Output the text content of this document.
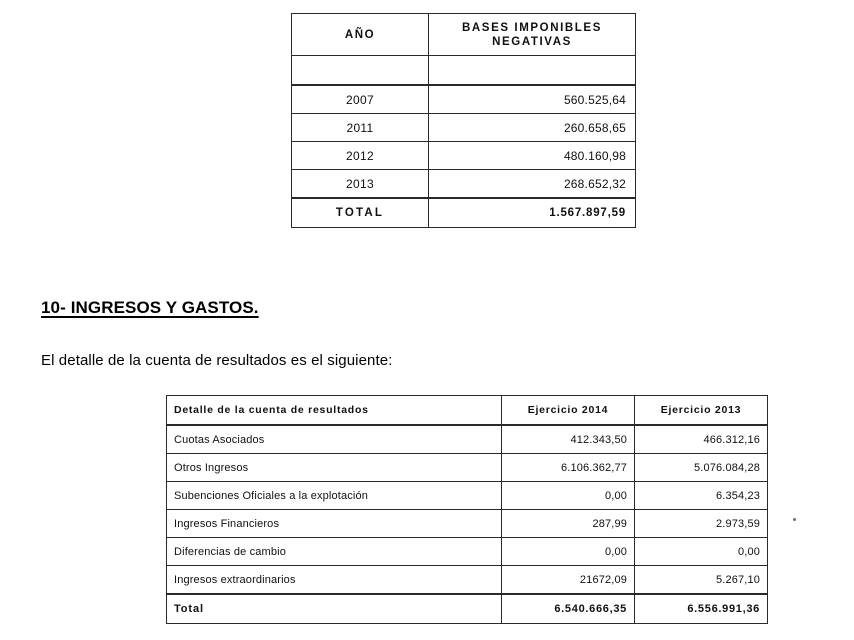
AÑO	BASES IMPONIBLES
NEGATIVAS

2007	560.525,64
2011	260.658,65
2012	480.160,98
2013	268.652,32
TOTAL	1.567.897,59
10- INGRESOS Y GASTOS.
El detalle de la cuenta de resultados es el siguiente:
Detalle de la cuenta de resultados	Ejercicio 2014	Ejercicio 2013
Cuotas Asociados	412.343,50	466.312,16
Otros Ingresos	6.106.362,77	5.076.084,28
Subenciones Oficiales a la explotación	0,00	6.354,23
Ingresos Financieros	287,99	2.973,59
Diferencias de cambio	0,00	0,00
Ingresos extraordinarios	21672,09	5.267,10
Total	6.540.666,35	6.556.991,36
